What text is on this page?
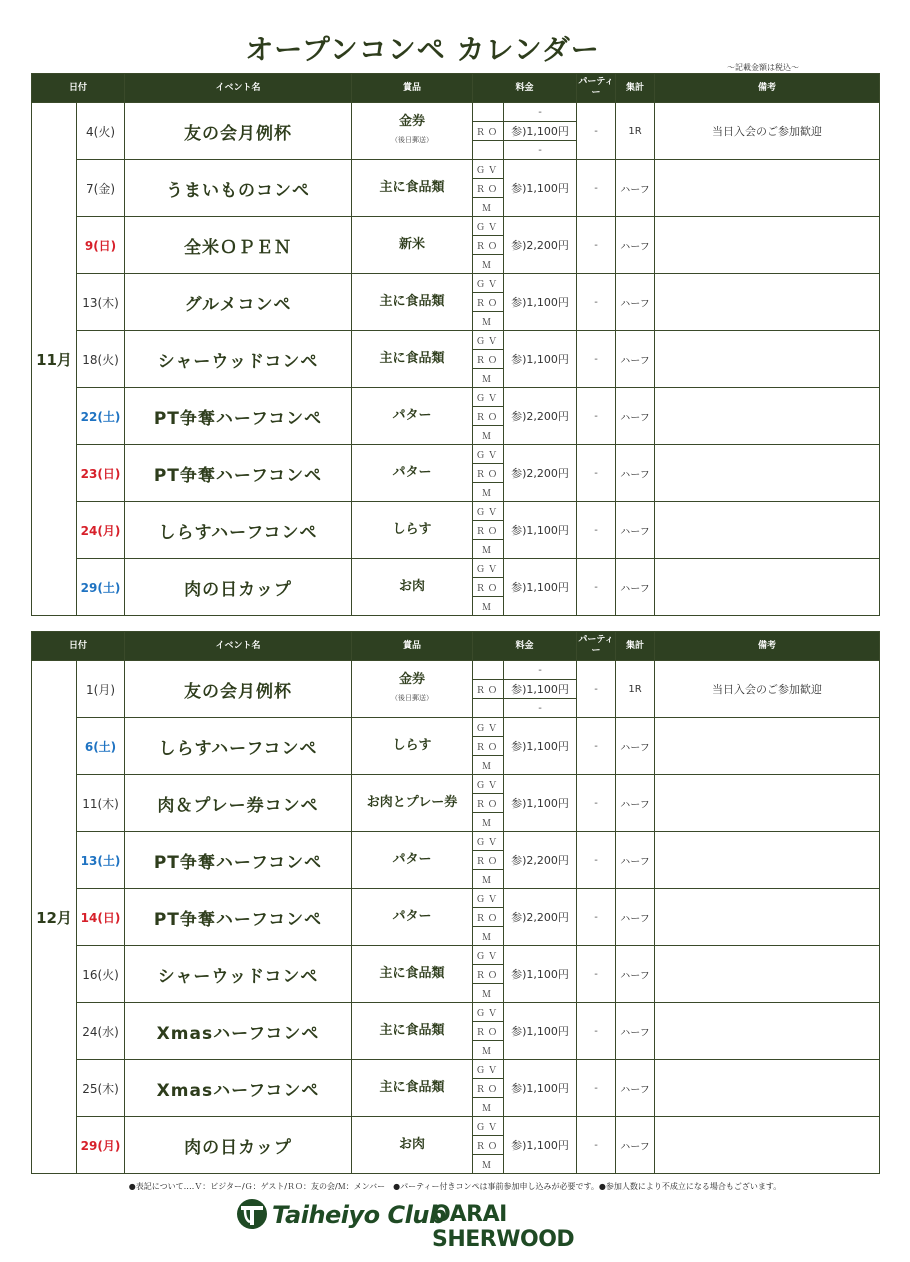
オープンコンペ カレンダー
～記載金額は税込～
日付		イベント名	賞品	料金		パーティー	集計	備考
11月	4(火)	友の会月例杯	金券
（後日郵送）		-	-	1R	当日入会のご参加歓迎
				ＲＯ	参)1,100円			
					-			
	7(金)	うまいものコンペ	主に食品類	ＧＶ	参)1,100円	-	ハーフ	
				ＲＯ				
				Ｍ				
	9(日)	全米ＯＰＥＮ	新米	ＧＶ	参)2,200円	-	ハーフ	
				ＲＯ				
				Ｍ				
	13(木)	グルメコンペ	主に食品類	ＧＶ	参)1,100円	-	ハーフ	
				ＲＯ				
				Ｍ				
	18(火)	シャーウッドコンペ	主に食品類	ＧＶ	参)1,100円	-	ハーフ	
				ＲＯ				
				Ｍ				
	22(土)	PT争奪ハーフコンペ	パター	ＧＶ	参)2,200円	-	ハーフ	
				ＲＯ				
				Ｍ				
	23(日)	PT争奪ハーフコンペ	パター	ＧＶ	参)2,200円	-	ハーフ	
				ＲＯ				
				Ｍ				
	24(月)	しらすハーフコンペ	しらす	ＧＶ	参)1,100円	-	ハーフ	
				ＲＯ				
				Ｍ				
	29(土)	肉の日カップ	お肉	ＧＶ	参)1,100円	-	ハーフ	
				ＲＯ				
				Ｍ				
日付		イベント名	賞品	料金		パーティー	集計	備考
12月	1(月)	友の会月例杯	金券
（後日郵送）		-	-	1R	当日入会のご参加歓迎
				ＲＯ	参)1,100円			
					-			
	6(土)	しらすハーフコンペ	しらす	ＧＶ	参)1,100円	-	ハーフ	
				ＲＯ				
				Ｍ				
	11(木)	肉＆プレー券コンペ	お肉とプレー券	ＧＶ	参)1,100円	-	ハーフ	
				ＲＯ				
				Ｍ				
	13(土)	PT争奪ハーフコンペ	パター	ＧＶ	参)2,200円	-	ハーフ	
				ＲＯ				
				Ｍ				
	14(日)	PT争奪ハーフコンペ	パター	ＧＶ	参)2,200円	-	ハーフ	
				ＲＯ				
				Ｍ				
	16(火)	シャーウッドコンペ	主に食品類	ＧＶ	参)1,100円	-	ハーフ	
				ＲＯ				
				Ｍ				
	24(水)	Xmasハーフコンペ	主に食品類	ＧＶ	参)1,100円	-	ハーフ	
				ＲＯ				
				Ｍ				
	25(木)	Xmasハーフコンペ	主に食品類	ＧＶ	参)1,100円	-	ハーフ	
				ＲＯ				
				Ｍ				
	29(月)	肉の日カップ	お肉	ＧＶ	参)1,100円	-	ハーフ	
				ＲＯ				
				Ｍ				
●表記について‥‥Ｖ：ビジター/Ｇ：ゲスト/ＲＯ：友の会/Ｍ：メンバー　●パーティー付きコンペは事前参加申し込みが必要です。●参加人数により不成立になる場合もございます。
Taiheiyo Club
OARAI SHERWOOD
